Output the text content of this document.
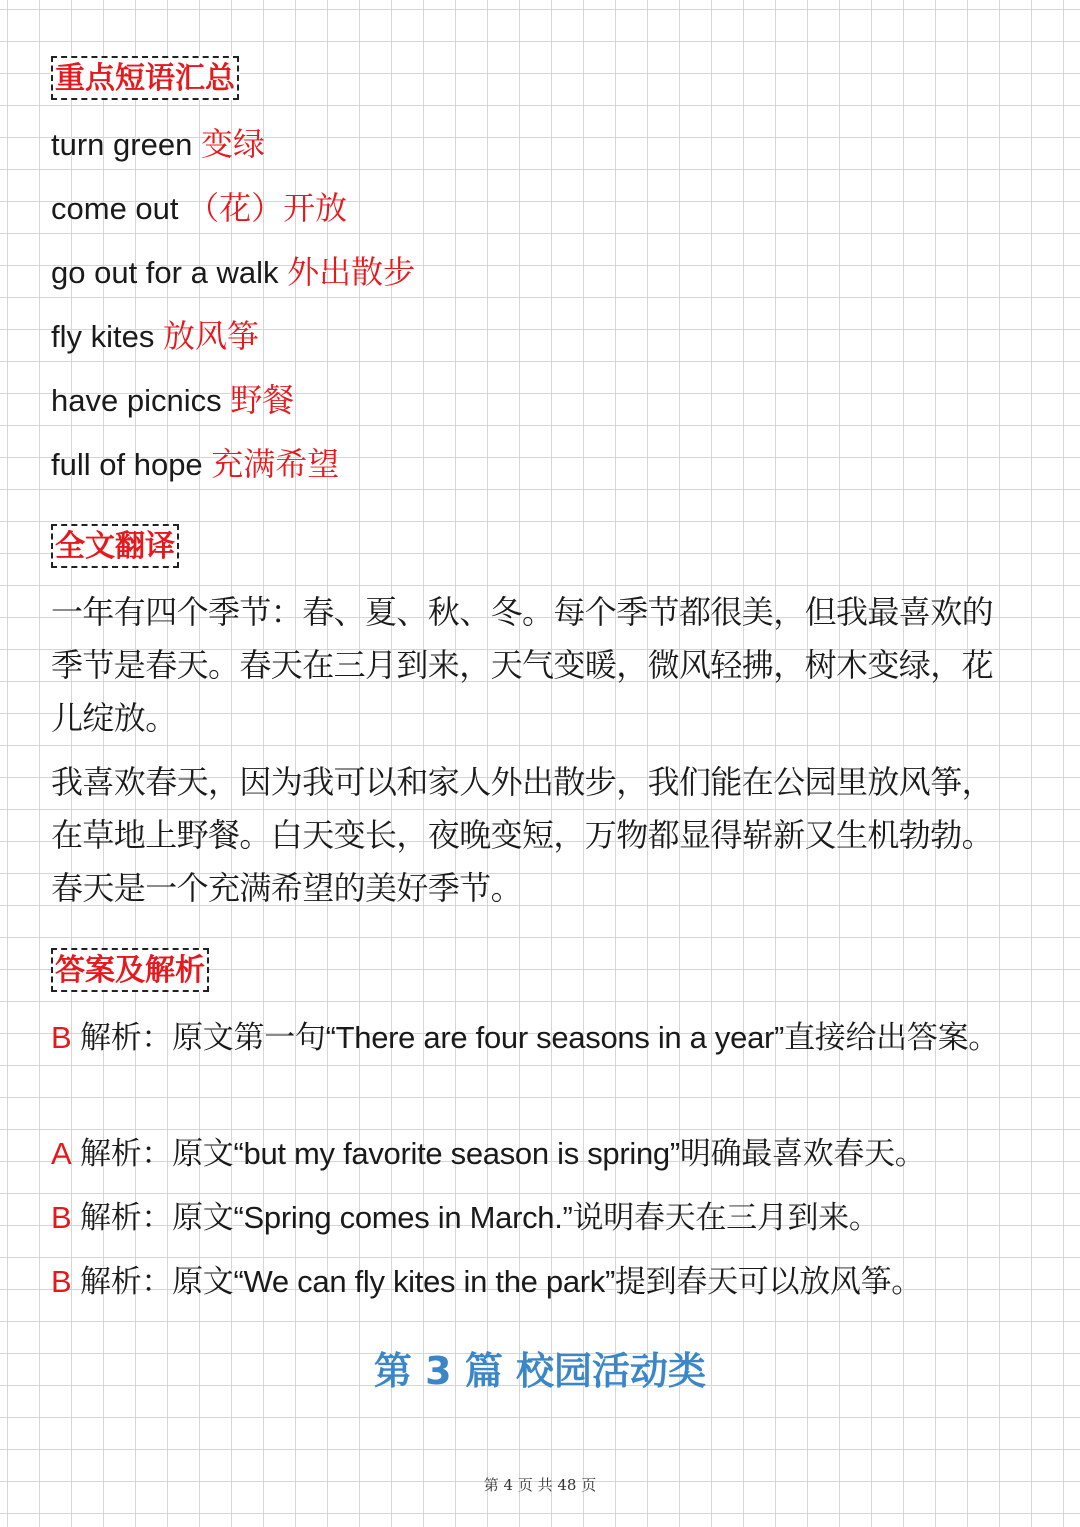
重点短语汇总
turn green 变绿
come out （花）开放
go out for a walk 外出散步
fly kites 放风筝
have picnics 野餐
full of hope 充满希望
全文翻译
一年有四个季节：春、夏、秋、冬。每个季节都很美，但我最喜欢的季节是春天。春天在三月到来，天气变暖，微风轻拂，树木变绿，花儿绽放。
我喜欢春天，因为我可以和家人外出散步，我们能在公园里放风筝，在草地上野餐。白天变长，夜晚变短，万物都显得崭新又生机勃勃。春天是一个充满希望的美好季节。
答案及解析
B 解析：原文第一句“There are four seasons in a year”直接给出答案。
A 解析：原文“but my favorite season is spring”明确最喜欢春天。
B 解析：原文“Spring comes in March.”说明春天在三月到来。
B 解析：原文“We can fly kites in the park”提到春天可以放风筝。
第 3 篇 校园活动类
第 4 页 共 48 页
